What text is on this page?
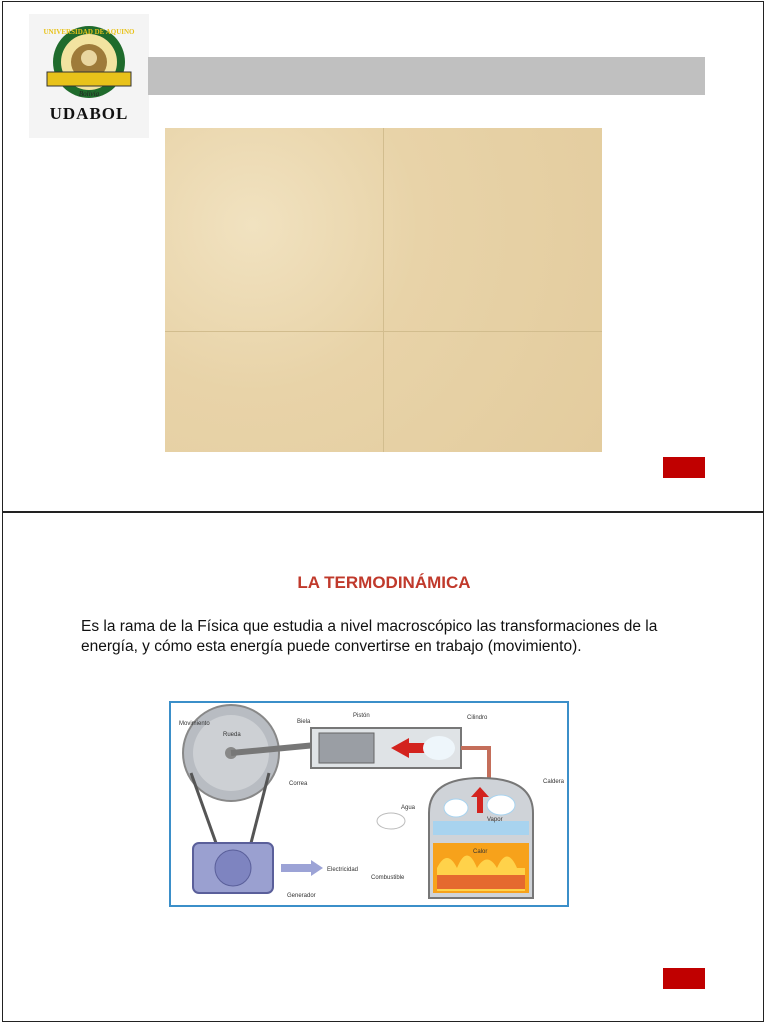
Bolivia
UNIVERSIDAD DE AQUINO
UDABOL
LA TERMODINÁMICA
Es la rama de la Física que estudia a nivel macroscópico las transformaciones de la energía, y cómo esta energía puede convertirse en trabajo (movimiento).
Movimiento
Rueda
Biela
Pistón	Cilindro
Correa	Caldera
Agua
Vapor
Calor
Electricidad
Generador
Combustible
